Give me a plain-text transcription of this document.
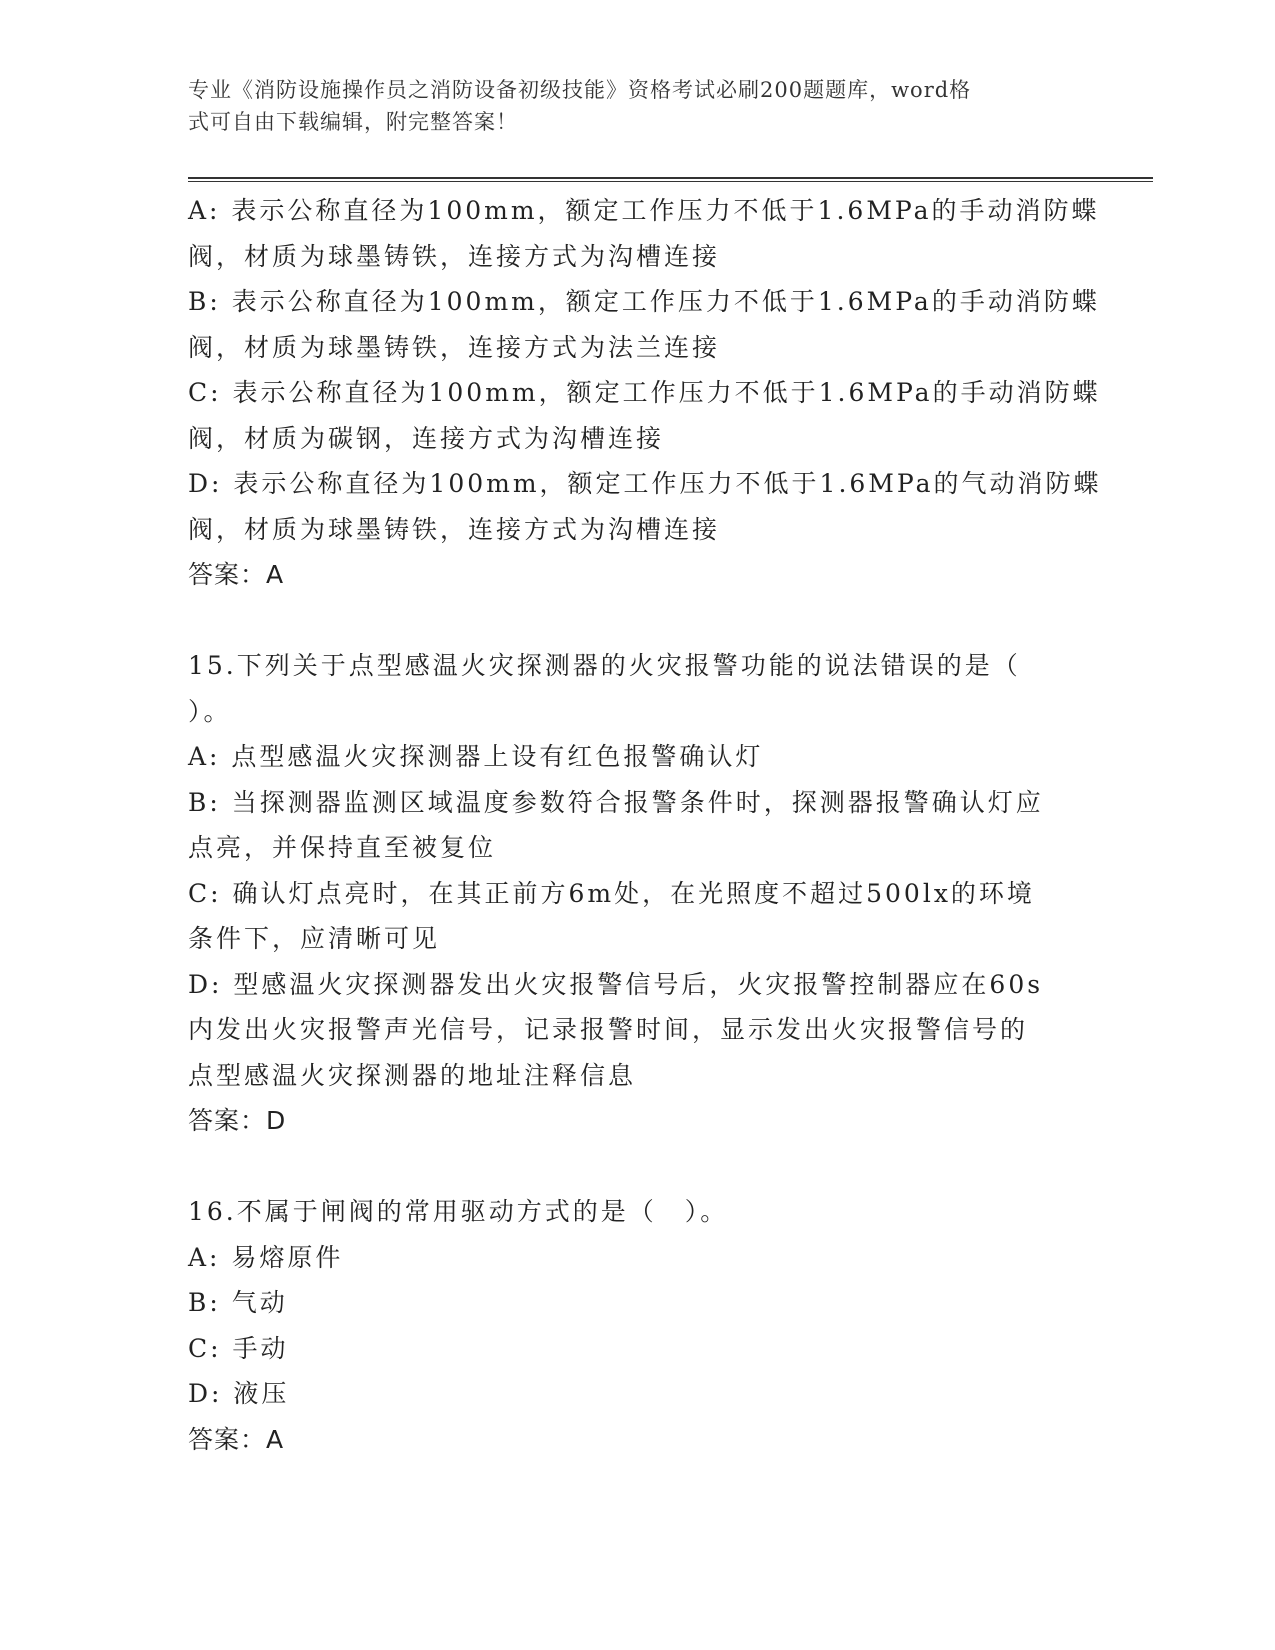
专业《消防设施操作员之消防设备初级技能》资格考试必刷200题题库，word格
式可自由下载编辑，附完整答案！
A: 表示公称直径为100mm，额定工作压力不低于1.6MPa的手动消防蝶
阀，材质为球墨铸铁，连接方式为沟槽连接
B: 表示公称直径为100mm，额定工作压力不低于1.6MPa的手动消防蝶
阀，材质为球墨铸铁，连接方式为法兰连接
C: 表示公称直径为100mm，额定工作压力不低于1.6MPa的手动消防蝶
阀，材质为碳钢，连接方式为沟槽连接
D: 表示公称直径为100mm，额定工作压力不低于1.6MPa的气动消防蝶
阀，材质为球墨铸铁，连接方式为沟槽连接
答案：A
15.下列关于点型感温火灾探测器的火灾报警功能的说法错误的是（
）。
A: 点型感温火灾探测器上设有红色报警确认灯
B: 当探测器监测区域温度参数符合报警条件时，探测器报警确认灯应
点亮，并保持直至被复位
C: 确认灯点亮时，在其正前方6m处，在光照度不超过500lx的环境
条件下，应清晰可见
D: 型感温火灾探测器发出火灾报警信号后，火灾报警控制器应在60s
内发出火灾报警声光信号，记录报警时间，显示发出火灾报警信号的
点型感温火灾探测器的地址注释信息
答案：D
16.不属于闸阀的常用驱动方式的是（　）。
A: 易熔原件
B: 气动
C: 手动
D: 液压
答案：A
